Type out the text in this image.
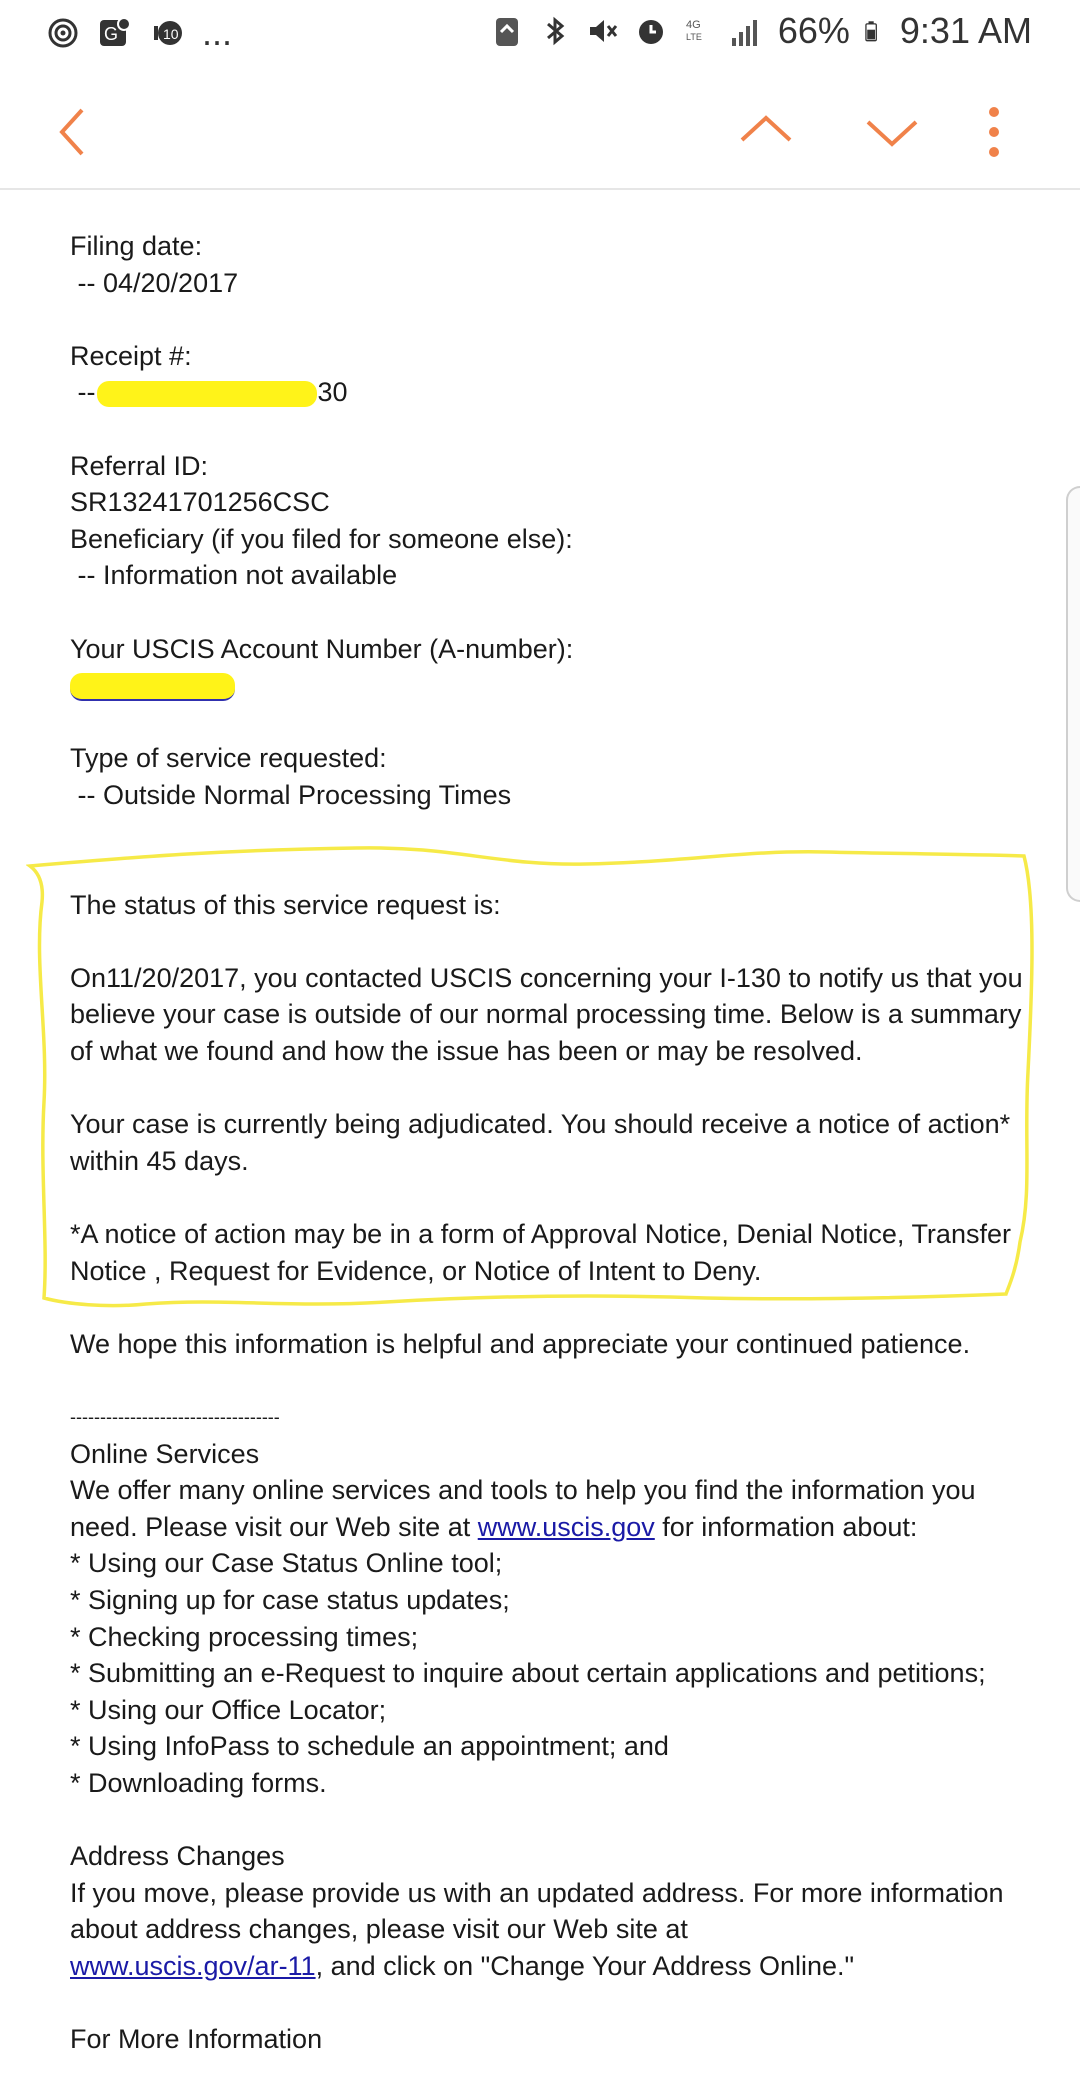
G	10 ...	4G
LTE 66% 9:31 AM
Filing date:
-- 04/20/2017
Receipt #:
--	30
Referral ID:
SR13241701256CSC
Beneficiary (if you filed for someone else):
-- Information not available
Your USCIS Account Number (A-number):
Type of service requested:
-- Outside Normal Processing Times
The status of this service request is:
On11/20/2017, you contacted USCIS concerning your I-130 to notify us that you believe your case is outside of our normal processing time. Below is a summary of what we found and how the issue has been or may be resolved.
Your case is currently being adjudicated. You should receive a notice of action* within 45 days.
*A notice of action may be in a form of Approval Notice, Denial Notice, Transfer Notice , Request for Evidence, or Notice of Intent to Deny.
We hope this information is helpful and appreciate your continued patience.
-----------------------------------
Online Services
We offer many online services and tools to help you find the information you need. Please visit our Web site at www.uscis.gov for information about:
* Using our Case Status Online tool;
* Signing up for case status updates;
* Checking processing times;
* Submitting an e-Request to inquire about certain applications and petitions;
* Using our Office Locator;
* Using InfoPass to schedule an appointment; and
* Downloading forms.
Address Changes
If you move, please provide us with an updated address. For more information about address changes, please visit our Web site at
www.uscis.gov/ar-11, and click on "Change Your Address Online."
For More Information
